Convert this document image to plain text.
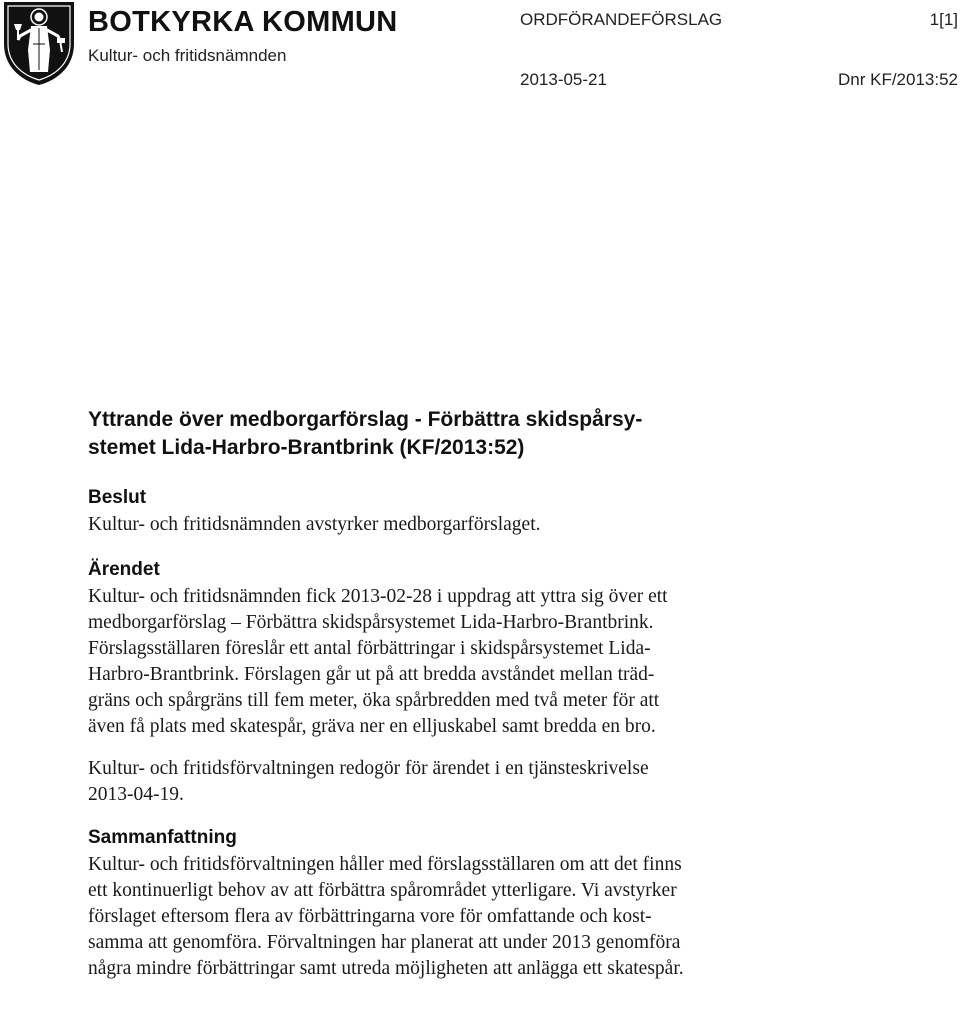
BOTKYRKA KOMMUN
Kultur- och fritidsnämnden
ORDFÖRANDEFÖRSLAG	1[1]
2013-05-21	Dnr KF/2013:52
Yttrande över medborgarförslag - Förbättra skidspårsy-
stemet Lida-Harbro-Brantbrink (KF/2013:52)
Beslut

Kultur- och fritidsnämnden avstyrker medborgarförslaget.

Ärendet

Kultur- och fritidsnämnden fick 2013-02-28 i uppdrag att yttra sig över ett
medborgarförslag – Förbättra skidspårsystemet Lida-Harbro-Brantbrink.
Förslagsställaren föreslår ett antal förbättringar i skidspårsystemet Lida-
Harbro-Brantbrink. Förslagen går ut på att bredda avståndet mellan träd-
gräns och spårgräns till fem meter, öka spårbredden med två meter för att
även få plats med skatespår, gräva ner en elljuskabel samt bredda en bro.

Kultur- och fritidsförvaltningen redogör för ärendet i en tjänsteskrivelse
2013-04-19.

Sammanfattning

Kultur- och fritidsförvaltningen håller med förslagsställaren om att det finns
ett kontinuerligt behov av att förbättra spårområdet ytterligare. Vi avstyrker
förslaget eftersom flera av förbättringarna vore för omfattande och kost-
samma att genomföra. Förvaltningen har planerat att under 2013 genomföra
några mindre förbättringar samt utreda möjligheten att anlägga ett skatespår.
